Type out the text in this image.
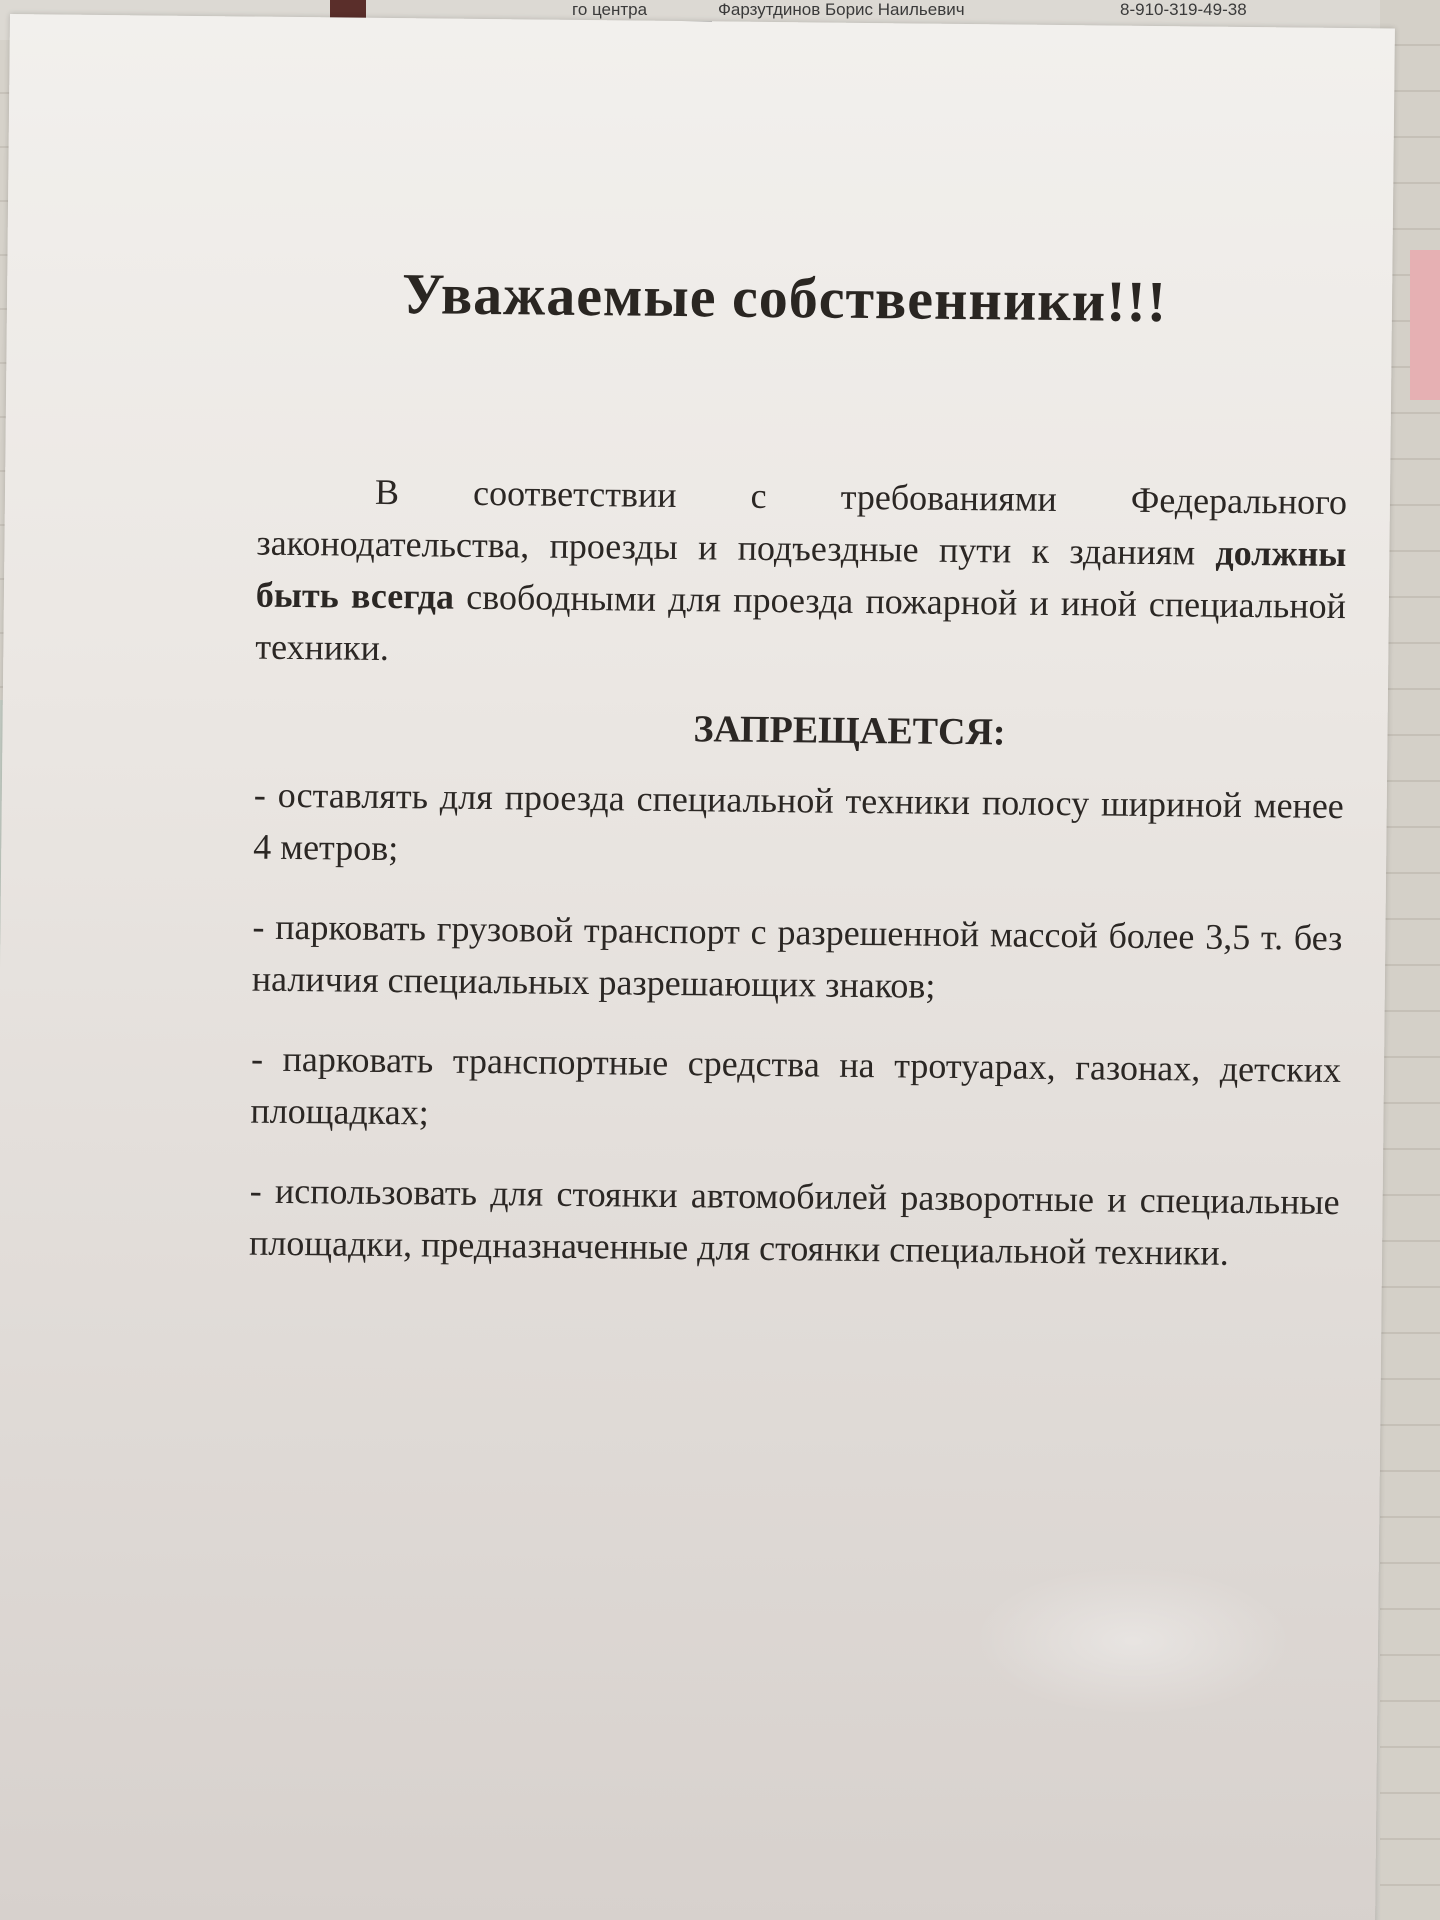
го центра	Фарзутдинов Борис Наильевич	8-910-319-49-38
Уважаемые собственники!!!

В соответствии с требованиями Федерального законодательства, проезды и подъездные пути к зданиям должны быть всегда свободными для проезда пожарной и иной специальной техники.

ЗАПРЕЩАЕТСЯ:

- оставлять для проезда специальной техники полосу шириной менее 4 метров;

- парковать грузовой транспорт с разрешенной массой более 3,5 т. без наличия специальных разрешающих знаков;

- парковать транспортные средства на тротуарах, газонах, детских площадках;

- использовать для стоянки автомобилей разворотные и специальные площадки, предназначенные для стоянки специальной техники.
